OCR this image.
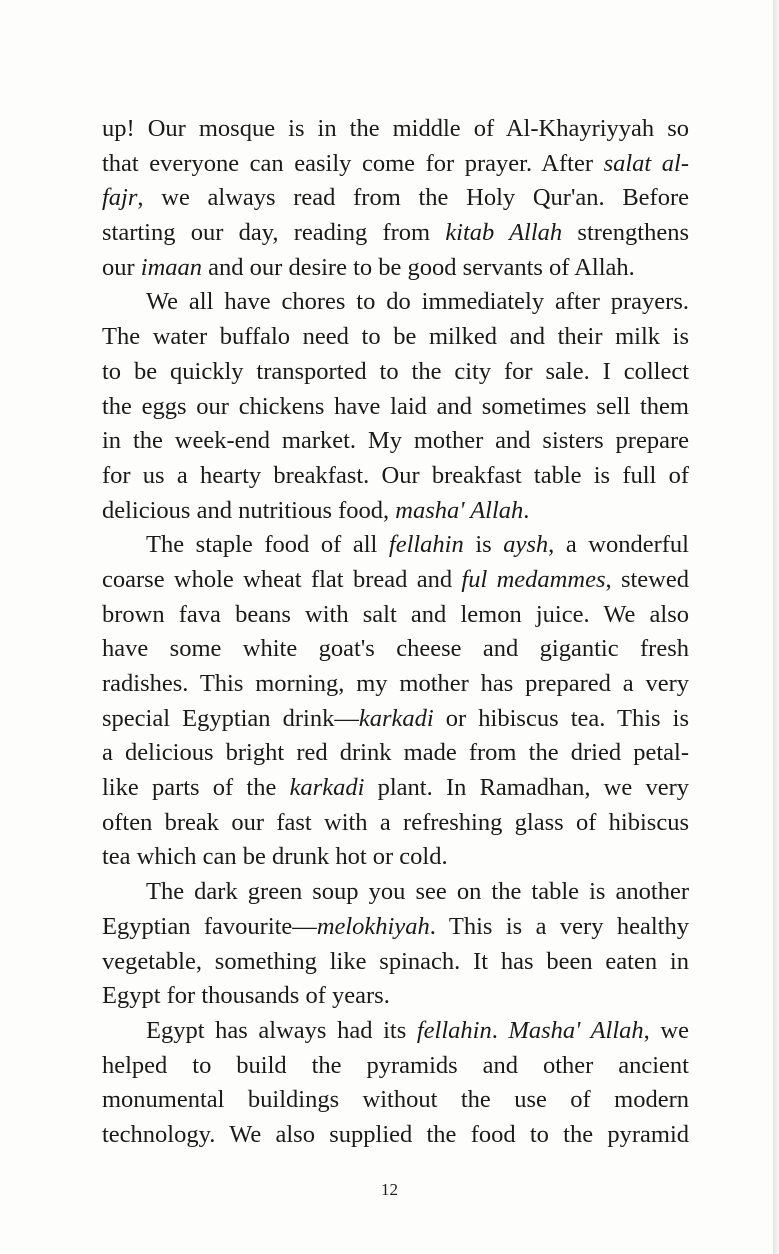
up! Our mosque is in the middle of Al-Khayriyyah so
that everyone can easily come for prayer. After salat al-
fajr, we always read from the Holy Qur'an. Before
starting our day, reading from kitab Allah strengthens
our imaan and our desire to be good servants of Allah.
We all have chores to do immediately after prayers.
The water buffalo need to be milked and their milk is
to be quickly transported to the city for sale. I collect
the eggs our chickens have laid and sometimes sell them
in the week-end market. My mother and sisters prepare
for us a hearty breakfast. Our breakfast table is full of
delicious and nutritious food, masha' Allah.
The staple food of all fellahin is aysh, a wonderful
coarse whole wheat flat bread and ful medammes, stewed
brown fava beans with salt and lemon juice. We also
have some white goat's cheese and gigantic fresh
radishes. This morning, my mother has prepared a very
special Egyptian drink—karkadi or hibiscus tea. This is
a delicious bright red drink made from the dried petal-
like parts of the karkadi plant. In Ramadhan, we very
often break our fast with a refreshing glass of hibiscus
tea which can be drunk hot or cold.
The dark green soup you see on the table is another
Egyptian favourite—melokhiyah. This is a very healthy
vegetable, something like spinach. It has been eaten in
Egypt for thousands of years.
Egypt has always had its fellahin. Masha' Allah, we
helped to build the pyramids and other ancient
monumental buildings without the use of modern
technology. We also supplied the food to the pyramid
12
